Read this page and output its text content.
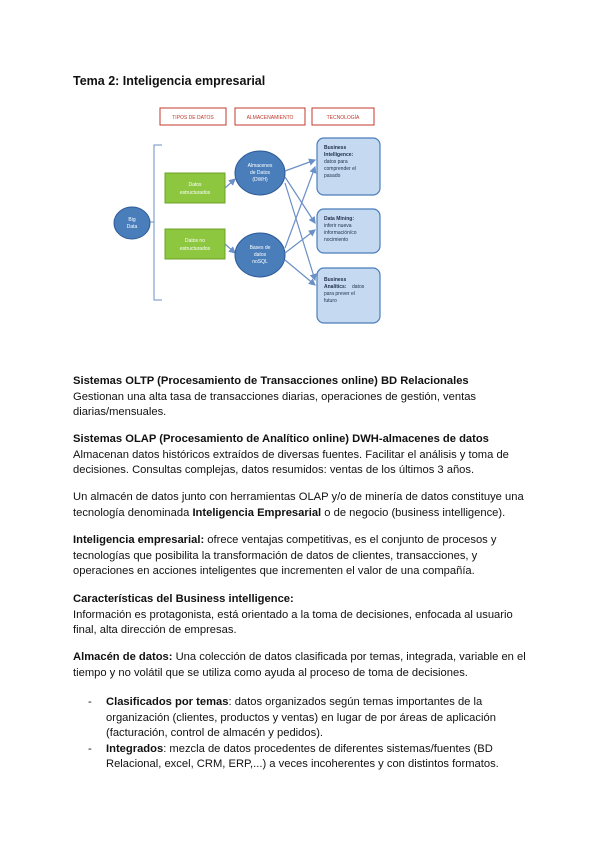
Tema 2: Inteligencia empresarial
TIPOS DE DATOS	ALMACENAMIENTO	TECNOLOGÍA
Big
Data
Datos
estructurados
Datos no
estructurados
Almacenes
de Datos
(DWH)
Bases de
datos
noSQL
Business
Intelligence:
datos para
comprender el
pasado
Data Mining:
inferir nueva
información/co
nocimiento
Business
Analitics: datos
para prever el
futuro
Sistemas OLTP (Procesamiento de Transacciones online) BD Relacionales
Gestionan una alta tasa de transacciones diarias, operaciones de gestión, ventas diarias/mensuales.
Sistemas OLAP (Procesamiento de Analítico online) DWH-almacenes de datos
Almacenan datos históricos extraídos de diversas fuentes. Facilitar el análisis y toma de decisiones. Consultas complejas, datos resumidos: ventas de los últimos 3 años.
Un almacén de datos junto con herramientas OLAP y/o de minería de datos constituye una tecnología denominada Inteligencia Empresarial o de negocio (business intelligence).
Inteligencia empresarial: ofrece ventajas competitivas, es el conjunto de procesos y tecnologías que posibilita la transformación de datos de clientes, transacciones, y operaciones en acciones inteligentes que incrementen el valor de una compañía.
Características del Business intelligence:
Información es protagonista, está orientado a la toma de decisiones, enfocada al usuario final, alta dirección de empresas.
Almacén de datos: Una colección de datos clasificada por temas, integrada, variable en el tiempo y no volátil que se utiliza como ayuda al proceso de toma de decisiones.
- Clasificados por temas: datos organizados según temas importantes de la organización (clientes, productos y ventas) en lugar de por áreas de aplicación (facturación, control de almacén y pedidos).
- Integrados: mezcla de datos procedentes de diferentes sistemas/fuentes (BD Relacional, excel, CRM, ERP,...) a veces incoherentes y con distintos formatos.
